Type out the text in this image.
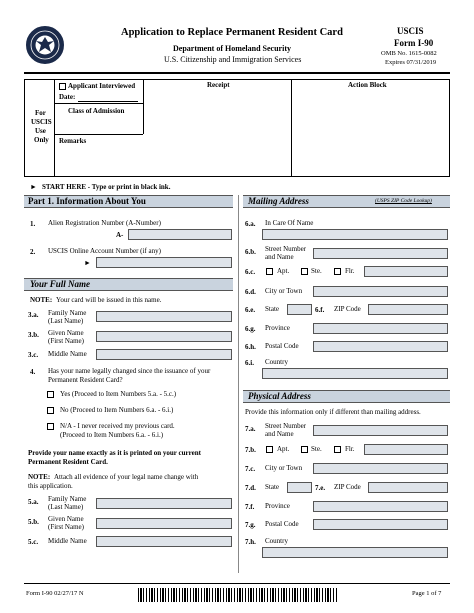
Application to Replace Permanent Resident Card
Department of Homeland Security
U.S. Citizenship and Immigration Services
USCIS
Form I-90
OMB No. 1615-0082
Expires 07/31/2019
For
USCIS
Use
Only
Applicant Interviewed
Date:
Class of Admission
Receipt	Action Block
Remarks
► START HERE - Type or print in black ink.
Part 1. Information About You
1. Alien Registration Number (A-Number)
A-
2. USCIS Online Account Number (if any)
►
Your Full Name
NOTE: Your card will be issued in this name.
3.a. Family Name
(Last Name)
3.b. Given Name
(First Name)
3.c. Middle Name
4. Has your name legally changed since the issuance of your
Permanent Resident Card?
Yes (Proceed to Item Numbers 5.a. - 5.c.)
No (Proceed to Item Numbers 6.a. - 6.i.)
N/A - I never received my previous card.
(Proceed to Item Numbers 6.a. - 6.i.)
Provide your name exactly as it is printed on your current
Permanent Resident Card.
NOTE: Attach all evidence of your legal name change with
this application.
5.a. Family Name
(Last Name)
5.b. Given Name
(First Name)
5.c. Middle Name
Mailing Address	(USPS ZIP Code Lookup)
6.a. In Care Of Name
6.b. Street Number
and Name
6.c.	Apt.	Ste.	Flr.
6.d. City or Town
6.e. State	6.f. ZIP Code
6.g. Province
6.h. Postal Code
6.i. Country
Physical Address
Provide this information only if different than mailing address.
7.a. Street Number
and Name
7.b.	Apt.	Ste.	Flr.
7.c. City or Town
7.d. State	7.e. ZIP Code
7.f. Province
7.g. Postal Code
7.h. Country
Form I-90 02/27/17 N	Page 1 of 7
